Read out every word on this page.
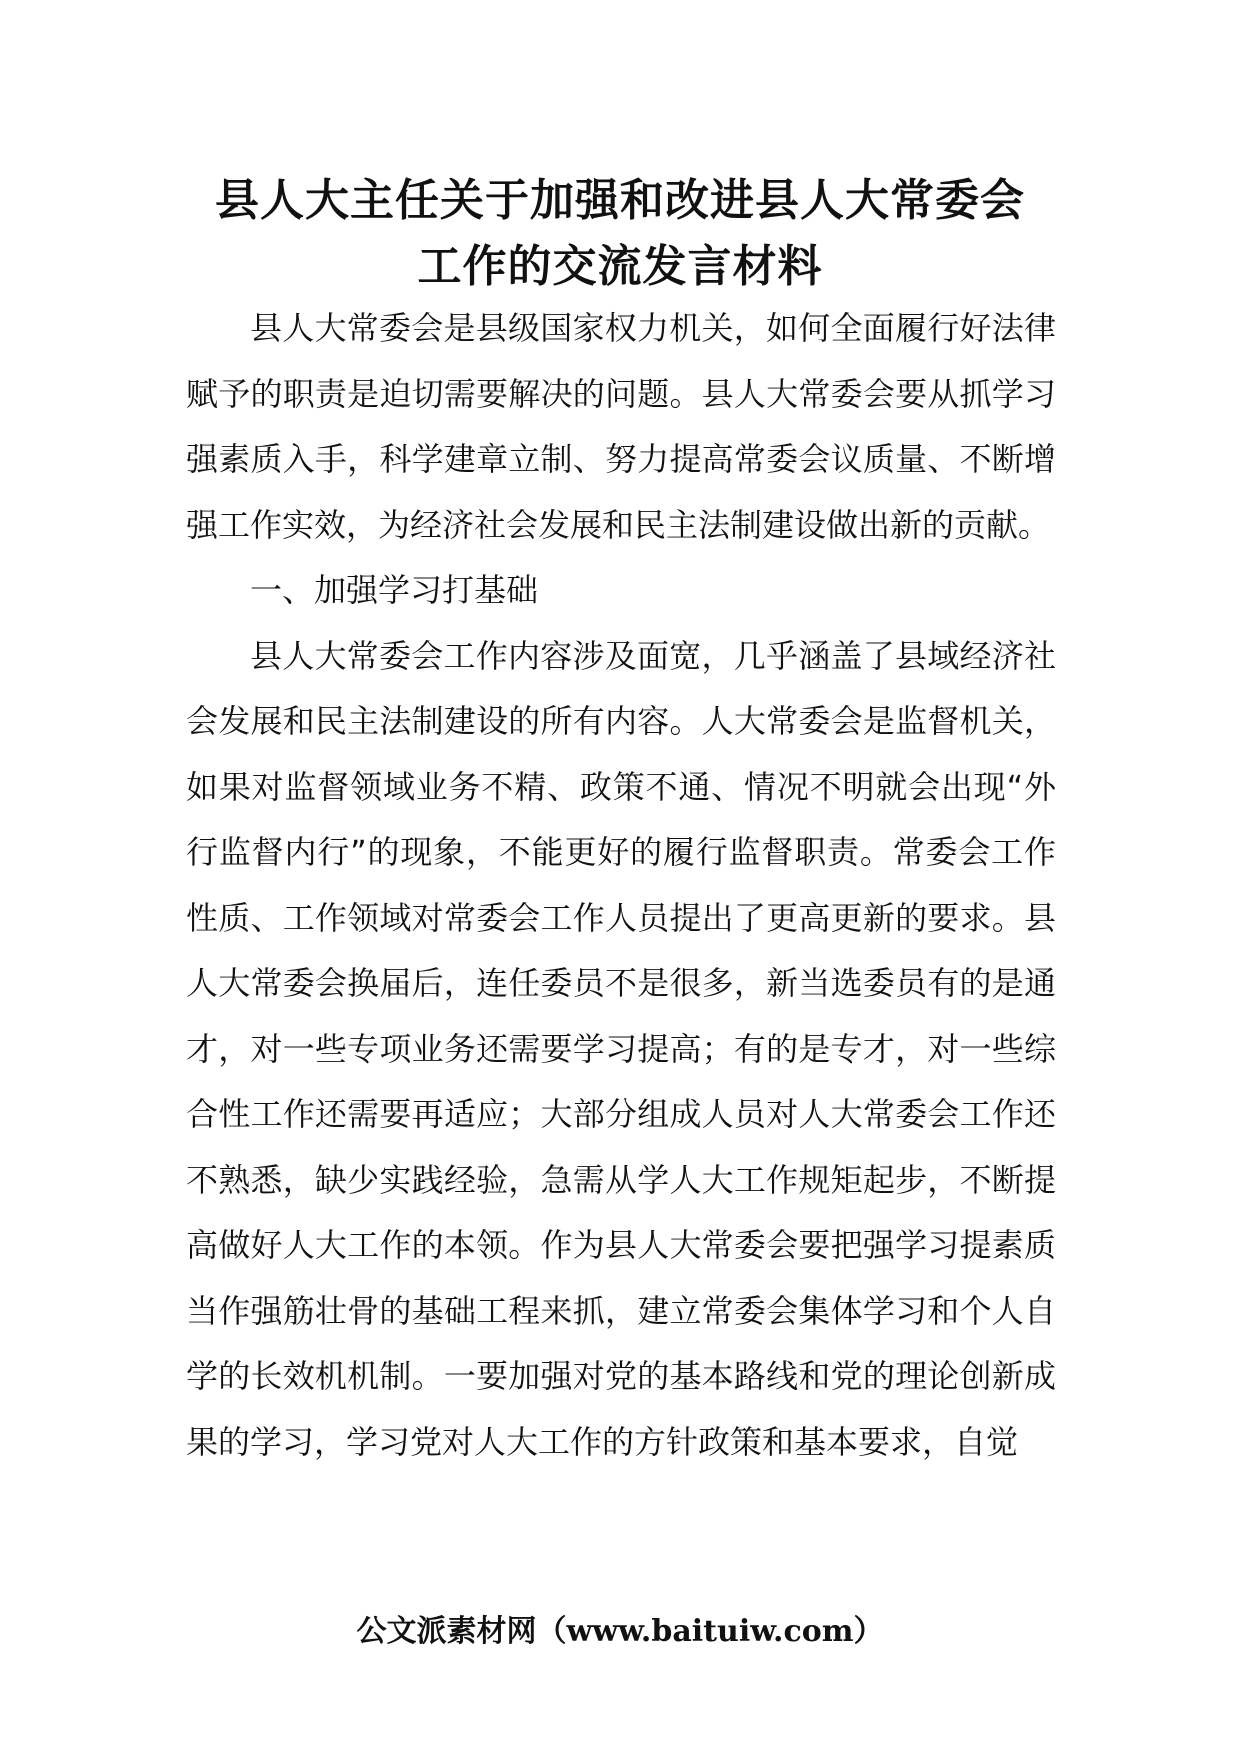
县人大主任关于加强和改进县人大常委会
工作的交流发言材料

县人大常委会是县级国家权力机关，如何全面履行好法律赋予的职责是迫切需要解决的问题。县人大常委会要从抓学习强素质入手，科学建章立制、努力提高常委会议质量、不断增强工作实效，为经济社会发展和民主法制建设做出新的贡献。

一、加强学习打基础

县人大常委会工作内容涉及面宽，几乎涵盖了县域经济社会发展和民主法制建设的所有内容。人大常委会是监督机关，如果对监督领域业务不精、政策不通、情况不明就会出现“外行监督内行”的现象，不能更好的履行监督职责。常委会工作性质、工作领域对常委会工作人员提出了更高更新的要求。县人大常委会换届后，连任委员不是很多，新当选委员有的是通才，对一些专项业务还需要学习提高；有的是专才，对一些综合性工作还需要再适应；大部分组成人员对人大常委会工作还不熟悉，缺少实践经验，急需从学人大工作规矩起步，不断提高做好人大工作的本领。作为县人大常委会要把强学习提素质当作强筋壮骨的基础工程来抓，建立常委会集体学习和个人自学的长效机机制。一要加强对党的基本路线和党的理论创新成果的学习，学习党对人大工作的方针政策和基本要求，自觉

公文派素材网（www.baituiw.com）
